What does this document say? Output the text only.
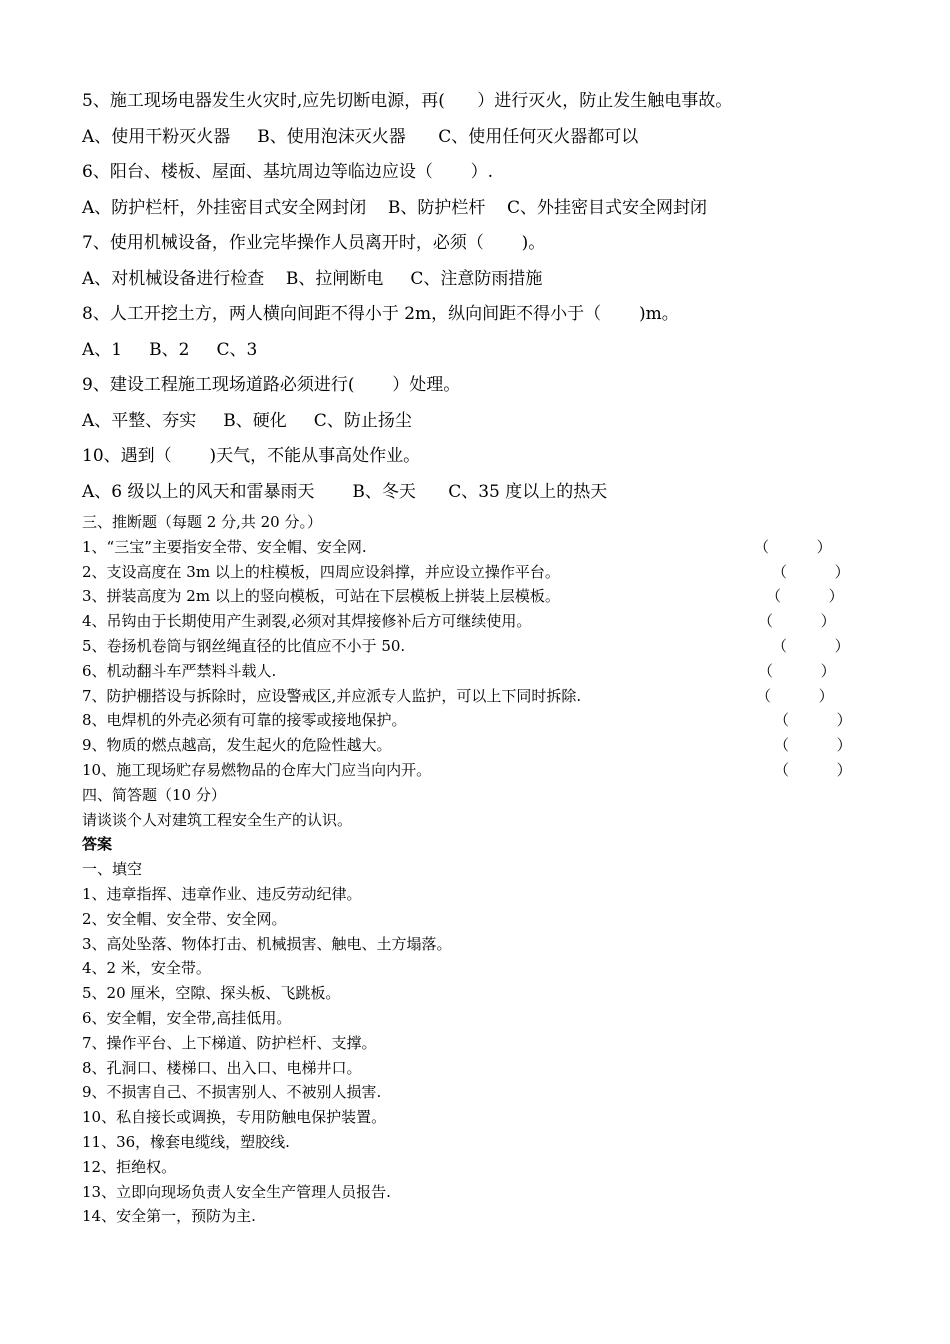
5、施工现场电器发生火灾时,应先切断电源，再(      ）进行灭火，防止发生触电事故。
A、使用干粉灭火器     B、使用泡沫灭火器      C、使用任何灭火器都可以
6、阳台、楼板、屋面、基坑周边等临边应设（       ）.
A、防护栏杆，外挂密目式安全网封闭    B、防护栏杆    C、外挂密目式安全网封闭
7、使用机械设备，作业完毕操作人员离开时，必须（       )。
A、对机械设备进行检查    B、拉闸断电     C、注意防雨措施
8、人工开挖土方，两人横向间距不得小于 2m，纵向间距不得小于（       )m。
A、1     B、2     C、3
9、建设工程施工现场道路必须进行(       ）处理。
A、平整、夯实     B、硬化     C、防止扬尘
10、遇到（       )天气，不能从事高处作业。
A、6 级以上的风天和雷暴雨天       B、冬天      C、35 度以上的热天
三、推断题（每题 2 分,共 20 分。）

1、“三宝”主要指安全带、安全帽、安全网.

	（          ）

2、支设高度在 3m 以上的柱模板，四周应设斜撑，并应设立操作平台。

	（          ）

3、拼装高度为 2m 以上的竖向模板，可站在下层模板上拼装上层模板。

	（          ）

4、吊钩由于长期使用产生剥裂,必须对其焊接修补后方可继续使用。

	（          ）

5、卷扬机卷筒与钢丝绳直径的比值应不小于 50.

	（          ）

6、机动翻斗车严禁料斗载人.

	（          ）

7、防护棚搭设与拆除时，应设警戒区,并应派专人监护，可以上下同时拆除.

	（          ）

8、电焊机的外壳必须有可靠的接零或接地保护。

	（          ）

9、物质的燃点越高，发生起火的危险性越大。

	（          ）

10、施工现场贮存易燃物品的仓库大门应当向内开。

	（          ）

四、简答题（10 分）
请谈谈个人对建筑工程安全生产的认识。
答案
一、填空
1、违章指挥、违章作业、违反劳动纪律。
2、安全帽、安全带、安全网。
3、高处坠落、物体打击、机械损害、触电、土方塌落。
4、2 米，安全带。
5、20 厘米，空隙、探头板、飞跳板。
6、安全帽，安全带,高挂低用。
7、操作平台、上下梯道、防护栏杆、支撑。
8、孔洞口、楼梯口、出入口、电梯井口。
9、不损害自己、不损害别人、不被别人损害.
10、私自接长或调换，专用防触电保护装置。
11、36，橡套电缆线，塑胶线.
12、拒绝权。
13、立即向现场负责人安全生产管理人员报告.
14、安全第一，预防为主.
